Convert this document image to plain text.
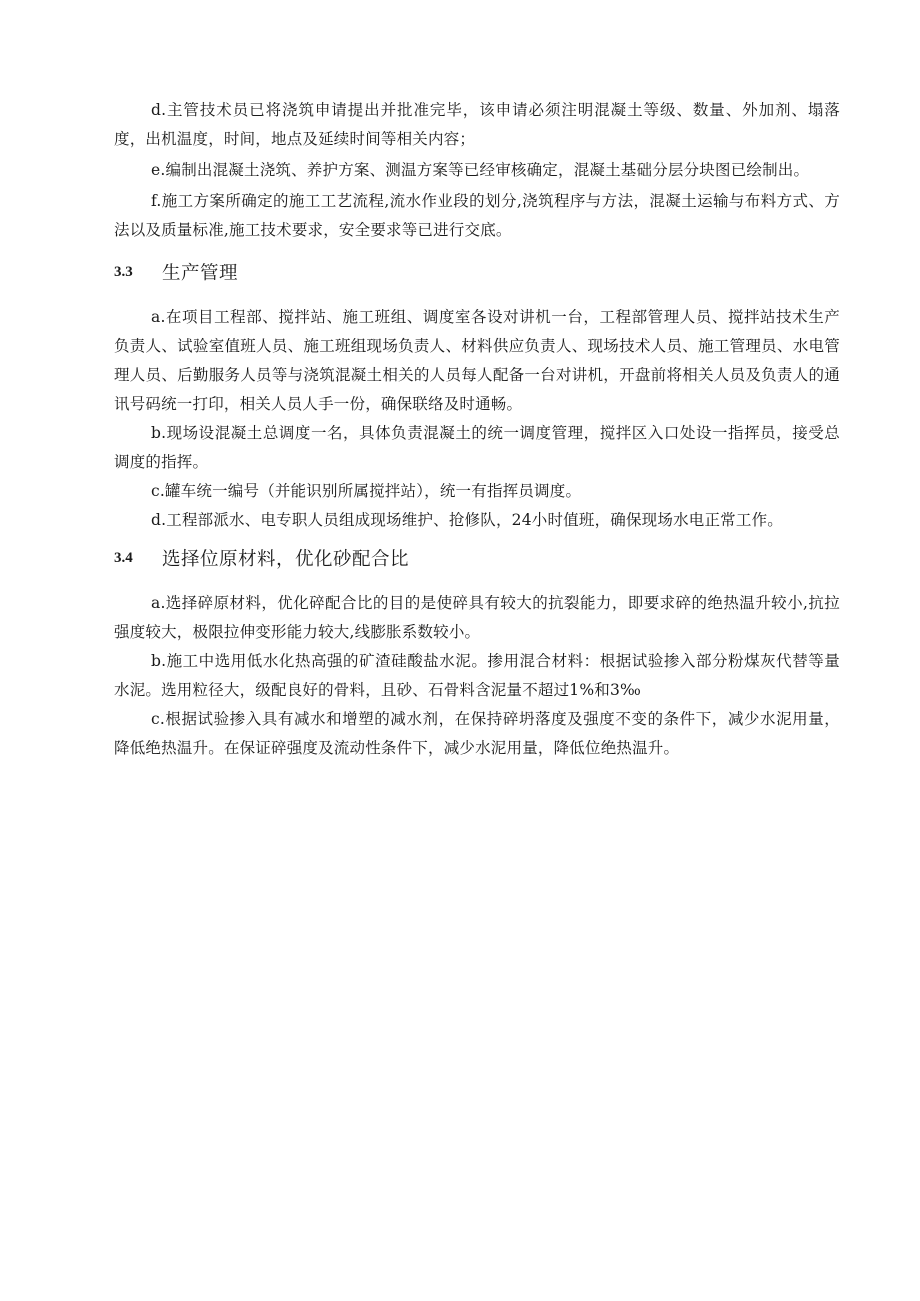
d.主管技术员已将浇筑申请提出并批准完毕，该申请必须注明混凝土等级、数量、外加剂、塌落度，出机温度，时间，地点及延续时间等相关内容；

e.编制出混凝土浇筑、养护方案、测温方案等已经审核确定，混凝土基础分层分块图已绘制出。

f.施工方案所确定的施工工艺流程,流水作业段的划分,浇筑程序与方法，混凝土运输与布料方式、方法以及质量标准,施工技术要求，安全要求等已进行交底。

3.3	生产管理

a.在项目工程部、搅拌站、施工班组、调度室各设对讲机一台，工程部管理人员、搅拌站技术生产负责人、试验室值班人员、施工班组现场负责人、材料供应负责人、现场技术人员、施工管理员、水电管理人员、后勤服务人员等与浇筑混凝土相关的人员每人配备一台对讲机，开盘前将相关人员及负责人的通讯号码统一打印，相关人员人手一份，确保联络及时通畅。

b.现场设混凝土总调度一名，具体负责混凝土的统一调度管理，搅拌区入口处设一指挥员，接受总调度的指挥。

c.罐车统一编号（并能识别所属搅拌站），统一有指挥员调度。

d.工程部派水、电专职人员组成现场维护、抢修队，24小时值班，确保现场水电正常工作。

3.4	选择位原材料，优化砂配合比

a.选择碎原材料，优化碎配合比的目的是使碎具有较大的抗裂能力，即要求碎的绝热温升较小,抗拉强度较大，极限拉伸变形能力较大,线膨胀系数较小。

b.施工中选用低水化热高强的矿渣硅酸盐水泥。掺用混合材料：根据试验掺入部分粉煤灰代替等量水泥。选用粒径大，级配良好的骨料，且砂、石骨料含泥量不超过1%和3‰

c.根据试验掺入具有减水和增塑的减水剂，在保持碎坍落度及强度不变的条件下，减少水泥用量，降低绝热温升。在保证碎强度及流动性条件下，减少水泥用量，降低位绝热温升。
